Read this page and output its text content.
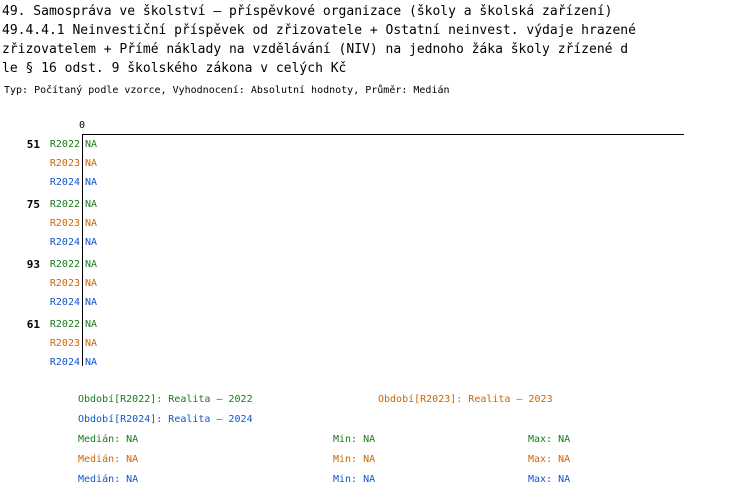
49. Samospráva ve školství – příspěvkové organizace (školy a školská zařízení)
49.4.4.1 Neinvestiční příspěvek od zřizovatele + Ostatní neinvest. výdaje hrazené
zřizovatelem + Přímé náklady na vzdělávání (NIV) na jednoho žáka školy zřízené d
le § 16 odst. 9 školského zákona v celých Kč
Typ: Počítaný podle vzorce, Vyhodnocení: Absolutní hodnoty, Průměr: Medián
0
51 R2022 NA
R2023 NA
R2024 NA
75 R2022 NA
R2023 NA
R2024 NA
93 R2022 NA
R2023 NA
R2024 NA
61 R2022 NA
R2023 NA
R2024 NA
Období[R2022]: Realita – 2022	Období[R2023]: Realita – 2023
Období[R2024]: Realita – 2024
Medián: NA	Min: NA	Max: NA
Medián: NA	Min: NA	Max: NA
Medián: NA	Min: NA	Max: NA
